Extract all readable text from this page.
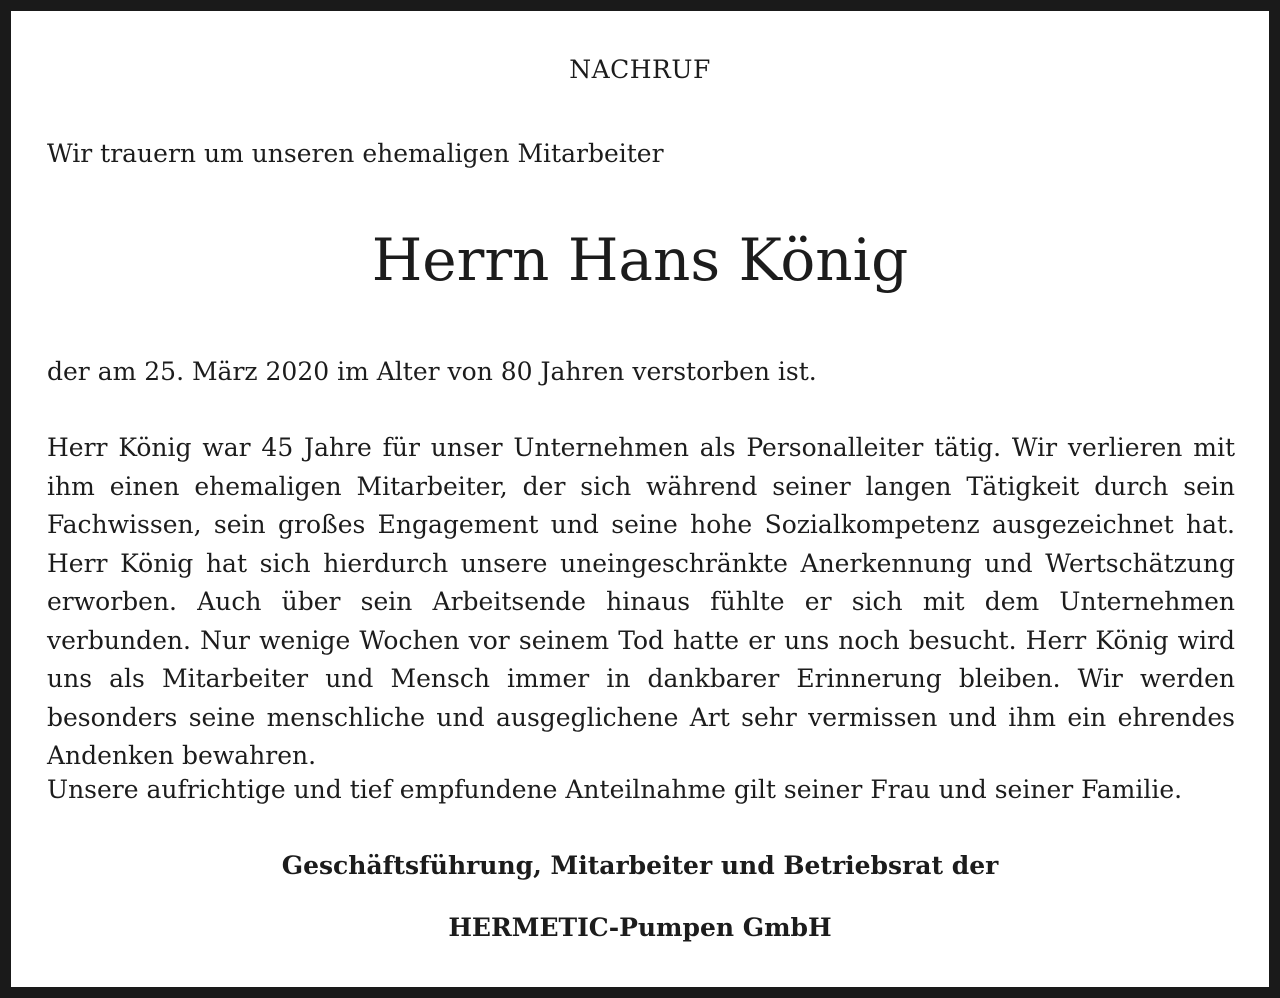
NACHRUF
Wir trauern um unseren ehemaligen Mitarbeiter
Herrn Hans König
der am 25. März 2020 im Alter von 80 Jahren verstorben ist.

Herr König war 45 Jahre für unser Unternehmen als Personalleiter tätig. Wir verlieren mit ihm einen ehemaligen Mitarbeiter, der sich während seiner langen Tätigkeit durch sein Fachwissen, sein großes Engagement und seine hohe Sozialkompetenz ausgezeichnet hat. Herr König hat sich hierdurch unsere uneingeschränkte Anerkennung und Wertschätzung erworben. Auch über sein Arbeitsende hinaus fühlte er sich mit dem Unternehmen verbunden. Nur wenige Wochen vor seinem Tod hatte er uns noch besucht. Herr König wird uns als Mitarbeiter und Mensch immer in dankbarer Erinnerung bleiben. Wir werden besonders seine menschliche und ausgeglichene Art sehr vermissen und ihm ein ehrendes Andenken bewahren.

Unsere aufrichtige und tief empfundene Anteilnahme gilt seiner Frau und seiner Familie.
Geschäftsführung, Mitarbeiter und Betriebsrat der
HERMETIC-Pumpen GmbH
